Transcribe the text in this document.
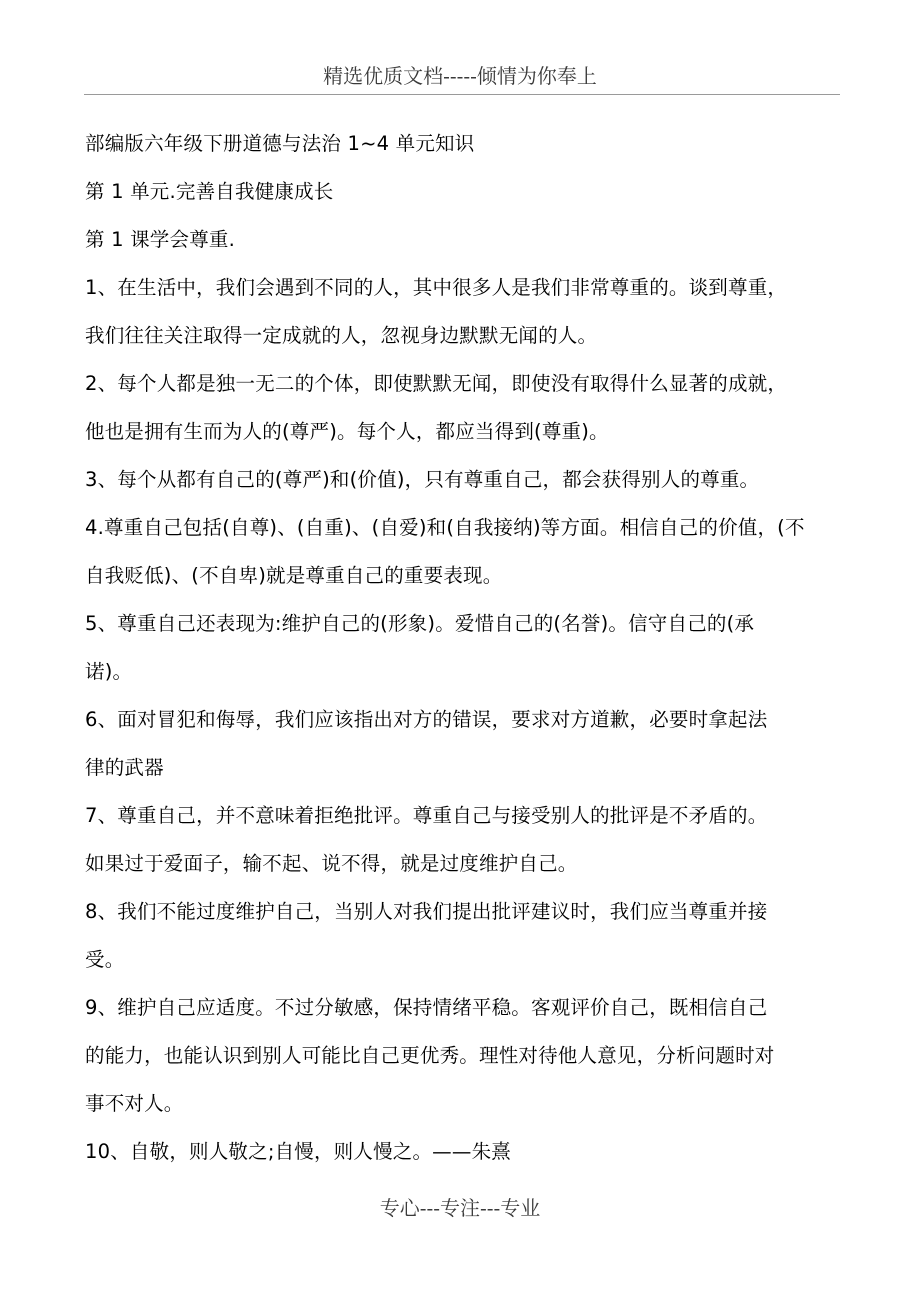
精选优质文档-----倾情为你奉上
部编版六年级下册道德与法治 1~4 单元知识
第 1 单元.完善自我健康成长
第 1 课学会尊重.
1、在生活中，我们会遇到不同的人，其中很多人是我们非常尊重的。谈到尊重，
我们往往关注取得一定成就的人，忽视身边默默无闻的人。
2、每个人都是独一无二的个体，即使默默无闻，即使没有取得什么显著的成就，
他也是拥有生而为人的(尊严)。每个人，都应当得到(尊重)。
3、每个从都有自己的(尊严)和(价值)，只有尊重自己，都会获得别人的尊重。
4.尊重自己包括(自尊)、(自重)、(自爱)和(自我接纳)等方面。相信自己的价值，(不
自我贬低)、(不自卑)就是尊重自己的重要表现。
5、尊重自己还表现为:维护自己的(形象)。爱惜自己的(名誉)。信守自己的(承
诺)。
6、面对冒犯和侮辱，我们应该指出对方的错误，要求对方道歉，必要时拿起法
律的武器
7、尊重自己，并不意味着拒绝批评。尊重自己与接受别人的批评是不矛盾的。
如果过于爱面子，输不起、说不得，就是过度维护自己。
8、我们不能过度维护自己，当别人对我们提出批评建议时，我们应当尊重并接
受。
9、维护自己应适度。不过分敏感，保持情绪平稳。客观评价自己，既相信自己
的能力，也能认识到别人可能比自己更优秀。理性对待他人意见，分析问题时对
事不对人。
10、自敬，则人敬之;自慢，则人慢之。——朱熹
专心---专注---专业
